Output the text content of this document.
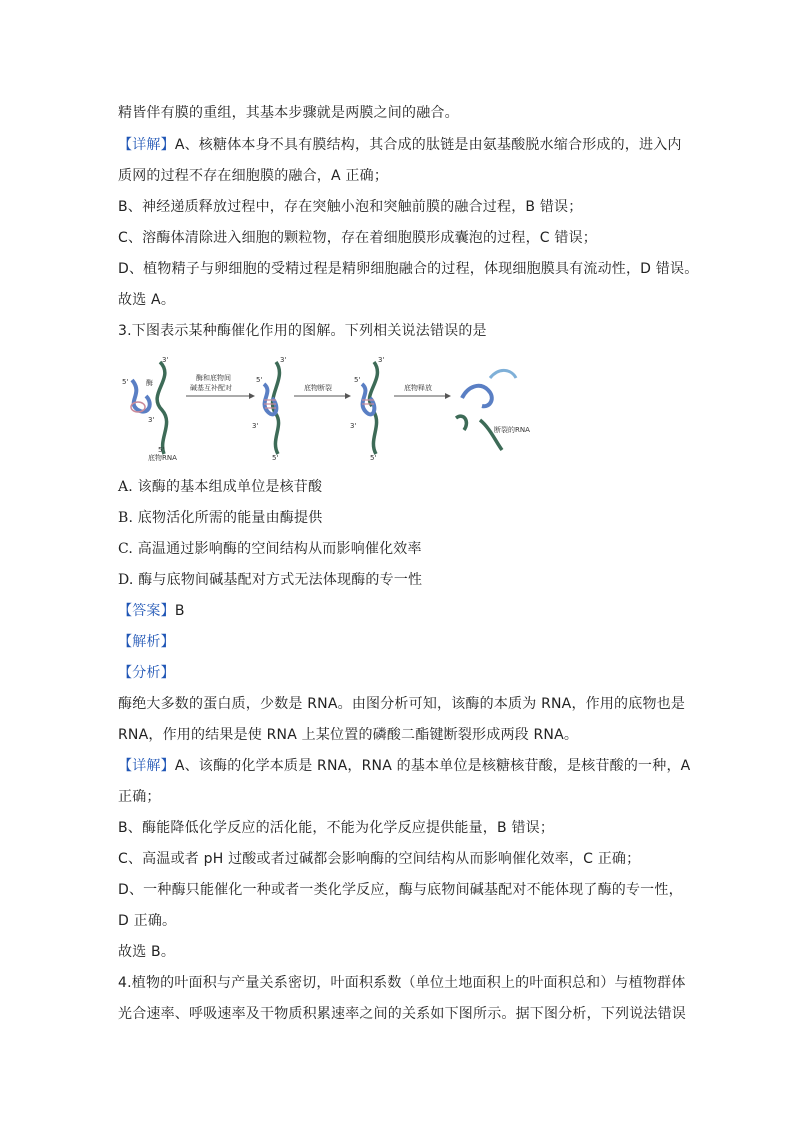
精皆伴有膜的重组，其基本步骤就是两膜之间的融合。
【详解】A、核糖体本身不具有膜结构，其合成的肽链是由氨基酸脱水缩合形成的，进入内
质网的过程不存在细胞膜的融合，A 正确；
B、神经递质释放过程中，存在突触小泡和突触前膜的融合过程，B 错误；
C、溶酶体清除进入细胞的颗粒物，存在着细胞膜形成囊泡的过程，C 错误；
D、植物精子与卵细胞的受精过程是精卵细胞融合的过程，体现细胞膜具有流动性，D 错误。
故选 A。
3.下图表示某种酶催化作用的图解。下列相关说法错误的是
A. 该酶的基本组成单位是核苷酸
B. 底物活化所需的能量由酶提供
C. 高温通过影响酶的空间结构从而影响催化效率
D. 酶与底物间碱基配对方式无法体现酶的专一性
【答案】B
【解析】
【分析】
酶绝大多数的蛋白质，少数是 RNA。由图分析可知，该酶的本质为 RNA，作用的底物也是
RNA，作用的结果是使 RNA 上某位置的磷酸二酯键断裂形成两段 RNA。
【详解】A、该酶的化学本质是 RNA，RNA 的基本单位是核糖核苷酸，是核苷酸的一种，A
正确；
B、酶能降低化学反应的活化能，不能为化学反应提供能量，B 错误；
C、高温或者 pH 过酸或者过碱都会影响酶的空间结构从而影响催化效率，C 正确；
D、一种酶只能催化一种或者一类化学反应，酶与底物间碱基配对不能体现了酶的专一性，
D 正确。
故选 B。
4.植物的叶面积与产量关系密切，叶面积系数（单位土地面积上的叶面积总和）与植物群体
光合速率、呼吸速率及干物质积累速率之间的关系如下图所示。据下图分析，下列说法错误
酶
3'
5'
3'
5'
底物RNA
酶和底物间
碱基互补配对
3'
5'
3'
5'
底物断裂
3'
5'
3'
5'
底物释放
断裂的RNA
